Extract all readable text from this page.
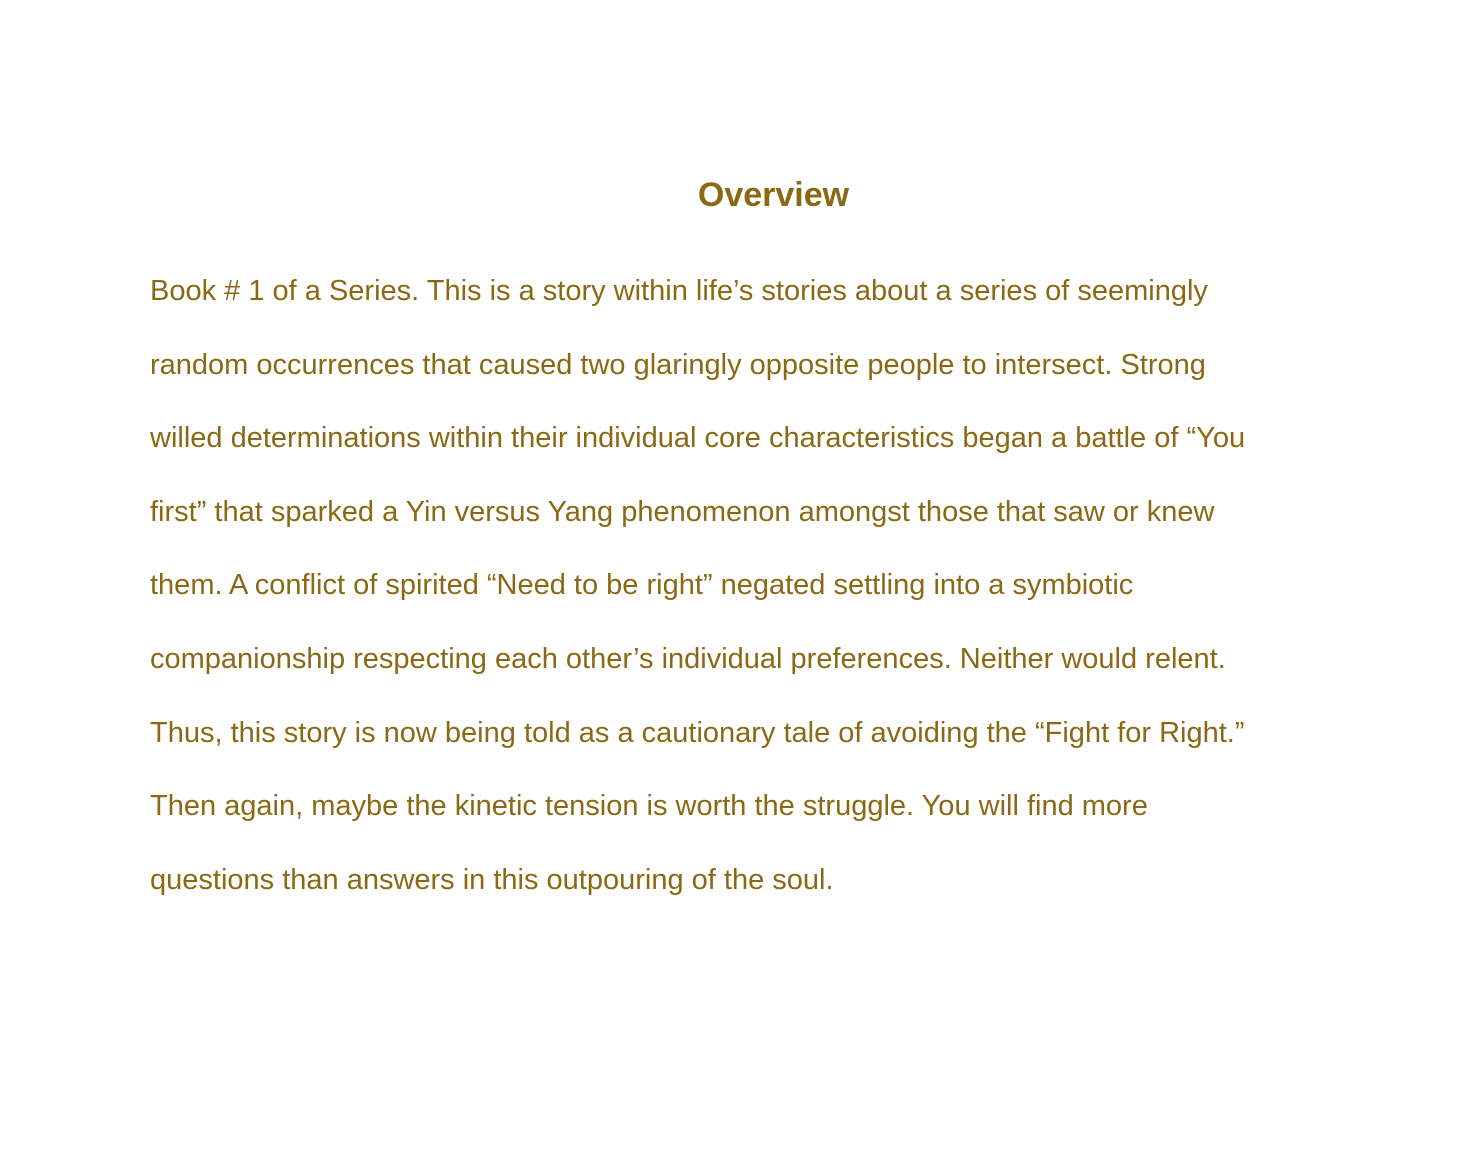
Overview
Book # 1 of a Series. This is a story within life’s stories about a series of seemingly
random occurrences that caused two glaringly opposite people to intersect. Strong
willed determinations within their individual core characteristics began a battle of “You
first” that sparked a Yin versus Yang phenomenon amongst those that saw or knew
them. A conflict of spirited “Need to be right” negated settling into a symbiotic
companionship respecting each other’s individual preferences. Neither would relent.
Thus, this story is now being told as a cautionary tale of avoiding the “Fight for Right.”
Then again, maybe the kinetic tension is worth the struggle. You will find more
questions than answers in this outpouring of the soul.
